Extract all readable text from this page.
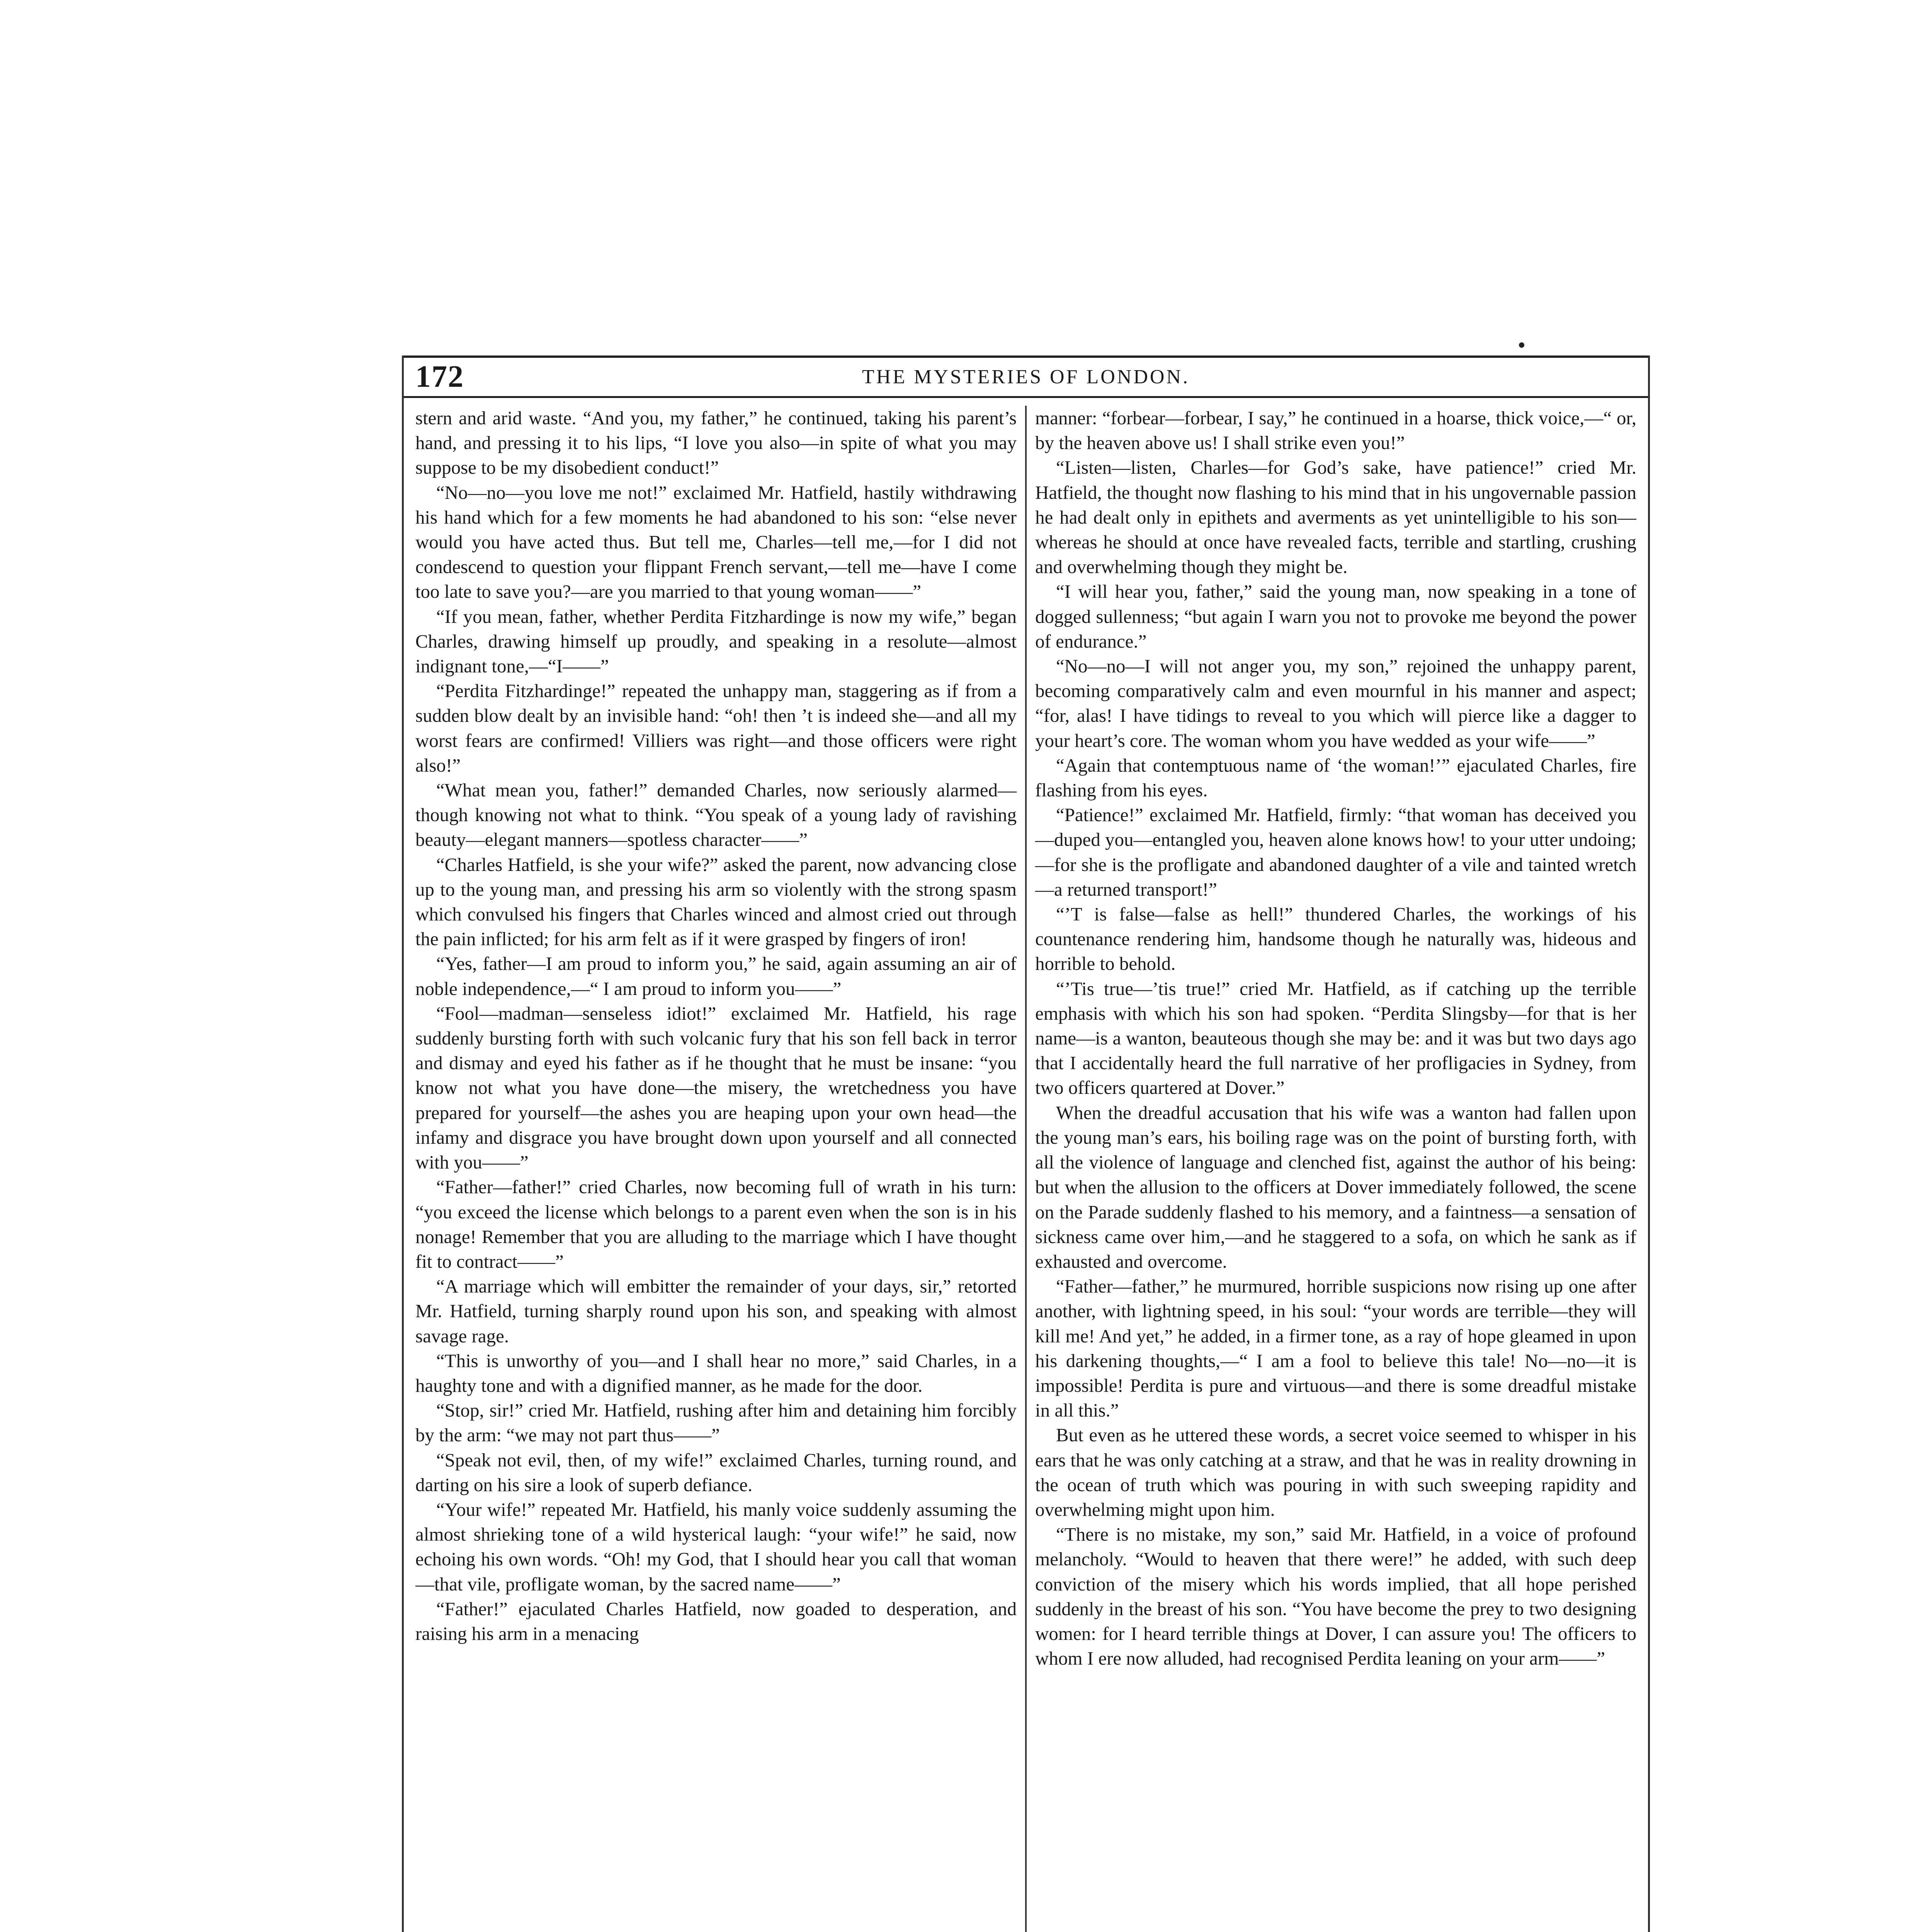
172	THE MYSTERIES OF LONDON.

stern and arid waste. “And you, my father,” he continued, taking his parent’s hand, and pressing it to his lips, “I love you also—in spite of what you may suppose to be my disobedient conduct!”

“No—no—you love me not!” exclaimed Mr. Hatfield, hastily withdrawing his hand which for a few moments he had abandoned to his son: “else never would you have acted thus. But tell me, Charles—tell me,—for I did not condescend to question your flippant French servant,—tell me—have I come too late to save you?—are you married to that young woman——”

“If you mean, father, whether Perdita Fitzhardinge is now my wife,” began Charles, drawing himself up proudly, and speaking in a resolute—almost indignant tone,—“I——”

“Perdita Fitzhardinge!” repeated the unhappy man, staggering as if from a sudden blow dealt by an invisible hand: “oh! then ’t is indeed she—and all my worst fears are confirmed! Villiers was right—and those officers were right also!”

“What mean you, father!” demanded Charles, now seriously alarmed—though knowing not what to think. “You speak of a young lady of ravishing beauty—elegant manners—spotless character——”

“Charles Hatfield, is she your wife?” asked the parent, now advancing close up to the young man, and pressing his arm so violently with the strong spasm which convulsed his fingers that Charles winced and almost cried out through the pain inflicted; for his arm felt as if it were grasped by fingers of iron!

“Yes, father—I am proud to inform you,” he said, again assuming an air of noble independence,—“ I am proud to inform you——”

“Fool—madman—senseless idiot!” exclaimed Mr. Hatfield, his rage suddenly bursting forth with such volcanic fury that his son fell back in terror and dismay and eyed his father as if he thought that he must be insane: “you know not what you have done—the misery, the wretchedness you have prepared for yourself—the ashes you are heaping upon your own head—the infamy and disgrace you have brought down upon yourself and all connected with you——”

“Father—father!” cried Charles, now becoming full of wrath in his turn: “you exceed the license which belongs to a parent even when the son is in his nonage! Remember that you are alluding to the marriage which I have thought fit to contract——”

“A marriage which will embitter the remainder of your days, sir,” retorted Mr. Hatfield, turning sharply round upon his son, and speaking with almost savage rage.

“This is unworthy of you—and I shall hear no more,” said Charles, in a haughty tone and with a dignified manner, as he made for the door.

“Stop, sir!” cried Mr. Hatfield, rushing after him and detaining him forcibly by the arm: “we may not part thus——”

“Speak not evil, then, of my wife!” exclaimed Charles, turning round, and darting on his sire a look of superb defiance.

“Your wife!” repeated Mr. Hatfield, his manly voice suddenly assuming the almost shrieking tone of a wild hysterical laugh: “your wife!” he said, now echoing his own words. “Oh! my God, that I should hear you call that woman—that vile, profligate woman, by the sacred name——”

“Father!” ejaculated Charles Hatfield, now goaded to desperation, and raising his arm in a menacing

manner: “forbear—forbear, I say,” he continued in a hoarse, thick voice,—“ or, by the heaven above us! I shall strike even you!”

“Listen—listen, Charles—for God’s sake, have patience!” cried Mr. Hatfield, the thought now flashing to his mind that in his ungovernable passion he had dealt only in epithets and averments as yet unintelligible to his son—whereas he should at once have revealed facts, terrible and startling, crushing and overwhelming though they might be.

“I will hear you, father,” said the young man, now speaking in a tone of dogged sullenness; “but again I warn you not to provoke me beyond the power of endurance.”

“No—no—I will not anger you, my son,” rejoined the unhappy parent, becoming comparatively calm and even mournful in his manner and aspect; “for, alas! I have tidings to reveal to you which will pierce like a dagger to your heart’s core. The woman whom you have wedded as your wife——”

“Again that contemptuous name of ‘the woman!’” ejaculated Charles, fire flashing from his eyes.

“Patience!” exclaimed Mr. Hatfield, firmly: “that woman has deceived you—duped you—entangled you, heaven alone knows how! to your utter undoing;—for she is the profligate and abandoned daughter of a vile and tainted wretch—a returned transport!”

“’T is false—false as hell!” thundered Charles, the workings of his countenance rendering him, handsome though he naturally was, hideous and horrible to behold.

“’Tis true—’tis true!” cried Mr. Hatfield, as if catching up the terrible emphasis with which his son had spoken. “Perdita Slingsby—for that is her name—is a wanton, beauteous though she may be: and it was but two days ago that I accidentally heard the full narrative of her profligacies in Sydney, from two officers quartered at Dover.”

When the dreadful accusation that his wife was a wanton had fallen upon the young man’s ears, his boiling rage was on the point of bursting forth, with all the violence of language and clenched fist, against the author of his being: but when the allusion to the officers at Dover immediately followed, the scene on the Parade suddenly flashed to his memory, and a faintness—a sensation of sickness came over him,—and he staggered to a sofa, on which he sank as if exhausted and overcome.

“Father—father,” he murmured, horrible suspicions now rising up one after another, with lightning speed, in his soul: “your words are terrible—they will kill me! And yet,” he added, in a firmer tone, as a ray of hope gleamed in upon his darkening thoughts,—“ I am a fool to believe this tale! No—no—it is impossible! Perdita is pure and virtuous—and there is some dreadful mistake in all this.”

But even as he uttered these words, a secret voice seemed to whisper in his ears that he was only catching at a straw, and that he was in reality drowning in the ocean of truth which was pouring in with such sweeping rapidity and overwhelming might upon him.

“There is no mistake, my son,” said Mr. Hatfield, in a voice of profound melancholy. “Would to heaven that there were!” he added, with such deep conviction of the misery which his words implied, that all hope perished suddenly in the breast of his son. “You have become the prey to two designing women: for I heard terrible things at Dover, I can assure you! The officers to whom I ere now alluded, had recognised Perdita leaning on your arm——”
